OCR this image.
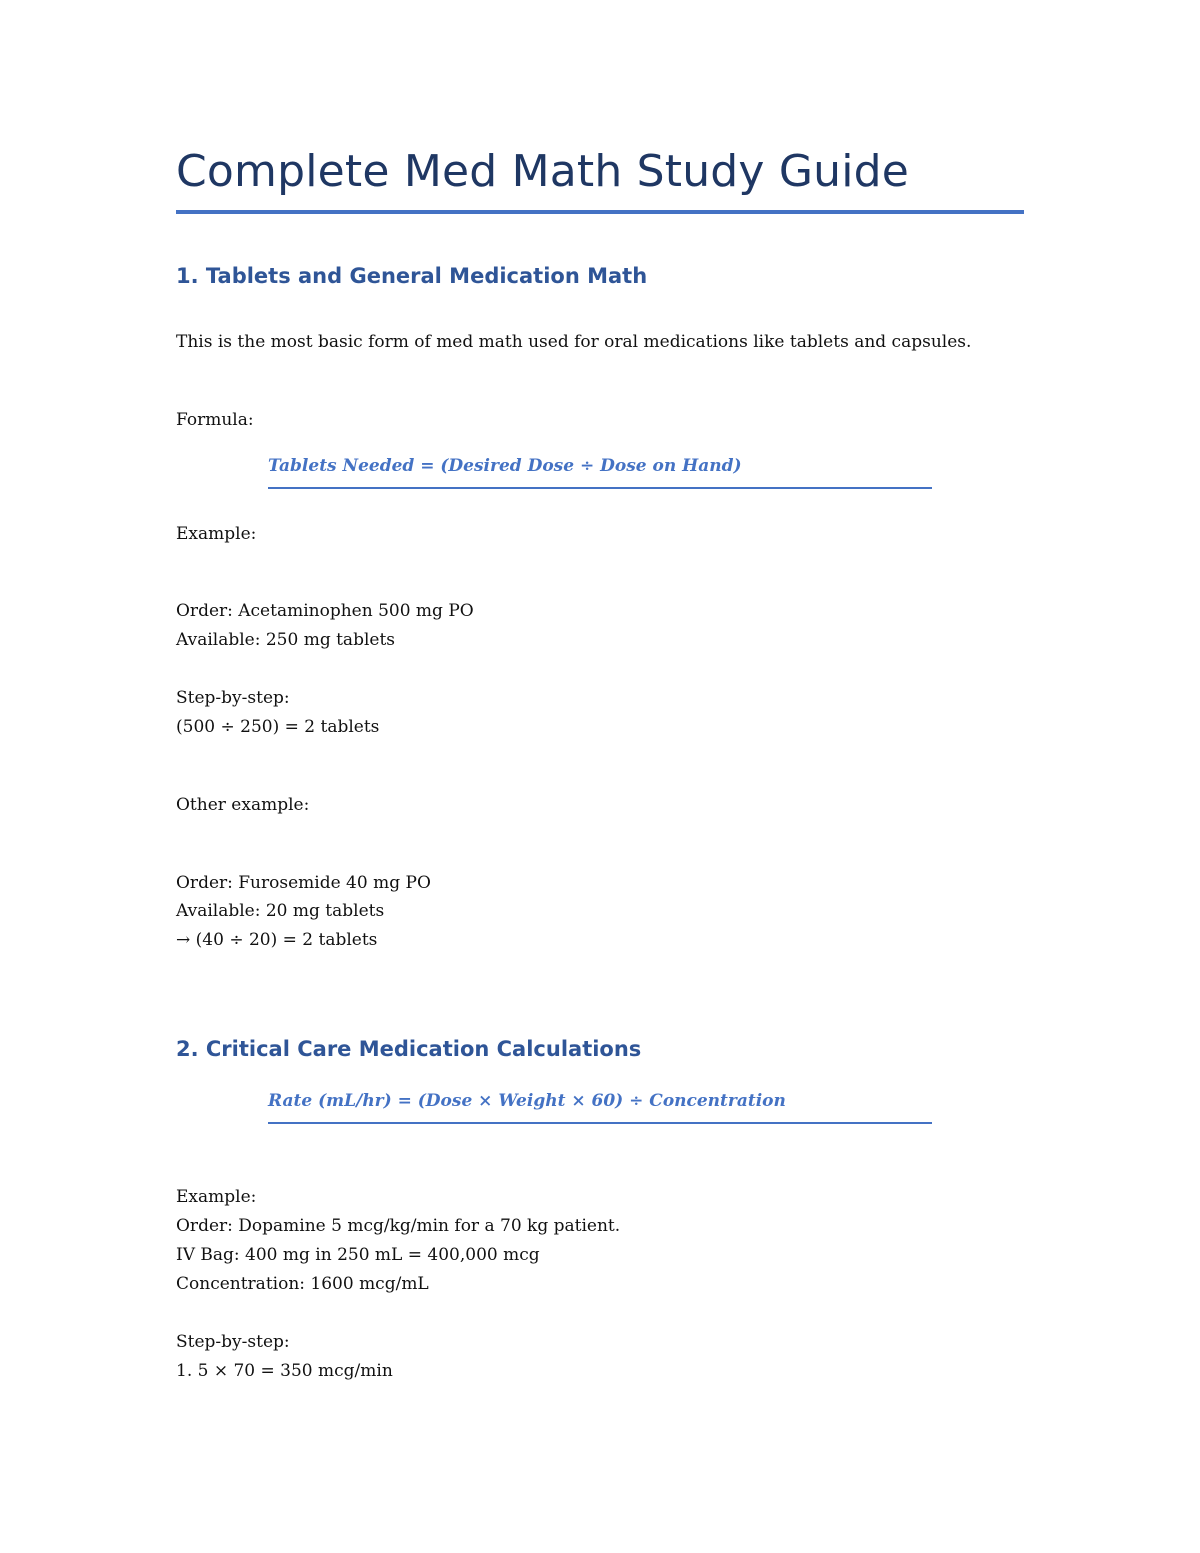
Complete Med Math Study Guide
1. Tablets and General Medication Math
This is the most basic form of med math used for oral medications like tablets and capsules.
Formula:
Tablets Needed = (Desired Dose ÷ Dose on Hand)
Example:
Order: Acetaminophen 500 mg PO
Available: 250 mg tablets
Step-by-step:
(500 ÷ 250) = 2 tablets
Other example:
Order: Furosemide 40 mg PO
Available: 20 mg tablets
→ (40 ÷ 20) = 2 tablets
2. Critical Care Medication Calculations
Rate (mL/hr) = (Dose × Weight × 60) ÷ Concentration
Example:
Order: Dopamine 5 mcg/kg/min for a 70 kg patient.
IV Bag: 400 mg in 250 mL = 400,000 mcg
Concentration: 1600 mcg/mL
Step-by-step:
1. 5 × 70 = 350 mcg/min
